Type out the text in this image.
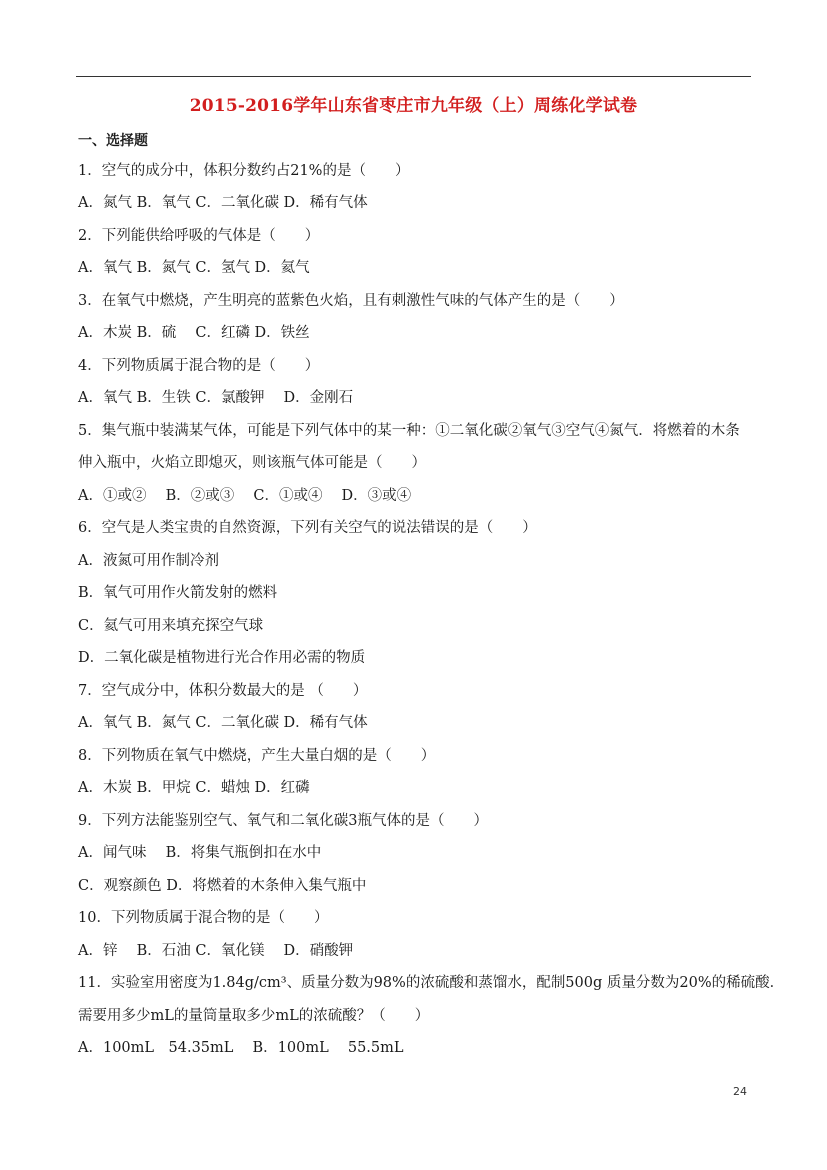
2015-2016学年山东省枣庄市九年级（上）周练化学试卷
一、选择题
1．空气的成分中，体积分数约占21%的是（　　）
A．氮气 B．氧气 C．二氧化碳 D．稀有气体
2．下列能供给呼吸的气体是（　　）
A．氧气 B．氮气 C．氢气 D．氦气
3．在氧气中燃烧，产生明亮的蓝紫色火焰，且有刺激性气味的气体产生的是（　　）
A．木炭 B．硫　 C．红磷 D．铁丝
4．下列物质属于混合物的是（　　）
A．氧气 B．生铁 C．氯酸钾　 D．金刚石
5．集气瓶中装满某气体，可能是下列气体中的某一种：①二氧化碳②氧气③空气④氮气．将燃着的木条
伸入瓶中，火焰立即熄灭，则该瓶气体可能是（　　）
A．①或②　 B．②或③　 C．①或④　 D．③或④
6．空气是人类宝贵的自然资源，下列有关空气的说法错误的是（　　）
A．液氮可用作制冷剂
B．氧气可用作火箭发射的燃料
C．氦气可用来填充探空气球
D．二氧化碳是植物进行光合作用必需的物质
7．空气成分中，体积分数最大的是 （　　）
A．氧气 B．氮气 C．二氧化碳 D．稀有气体
8．下列物质在氧气中燃烧，产生大量白烟的是（　　）
A．木炭 B．甲烷 C．蜡烛 D．红磷
9．下列方法能鉴别空气、氧气和二氧化碳3瓶气体的是（　　）
A．闻气味　 B．将集气瓶倒扣在水中
C．观察颜色 D．将燃着的木条伸入集气瓶中
10．下列物质属于混合物的是（　　）
A．锌　 B．石油 C．氧化镁　 D．硝酸钾
11．实验室用密度为1.84g/cm³、质量分数为98%的浓硫酸和蒸馏水，配制500g 质量分数为20%的稀硫酸．
需要用多少mL的量筒量取多少mL的浓硫酸？（　　）
A．100mL　54.35mL　 B．100mL　 55.5mL
24
